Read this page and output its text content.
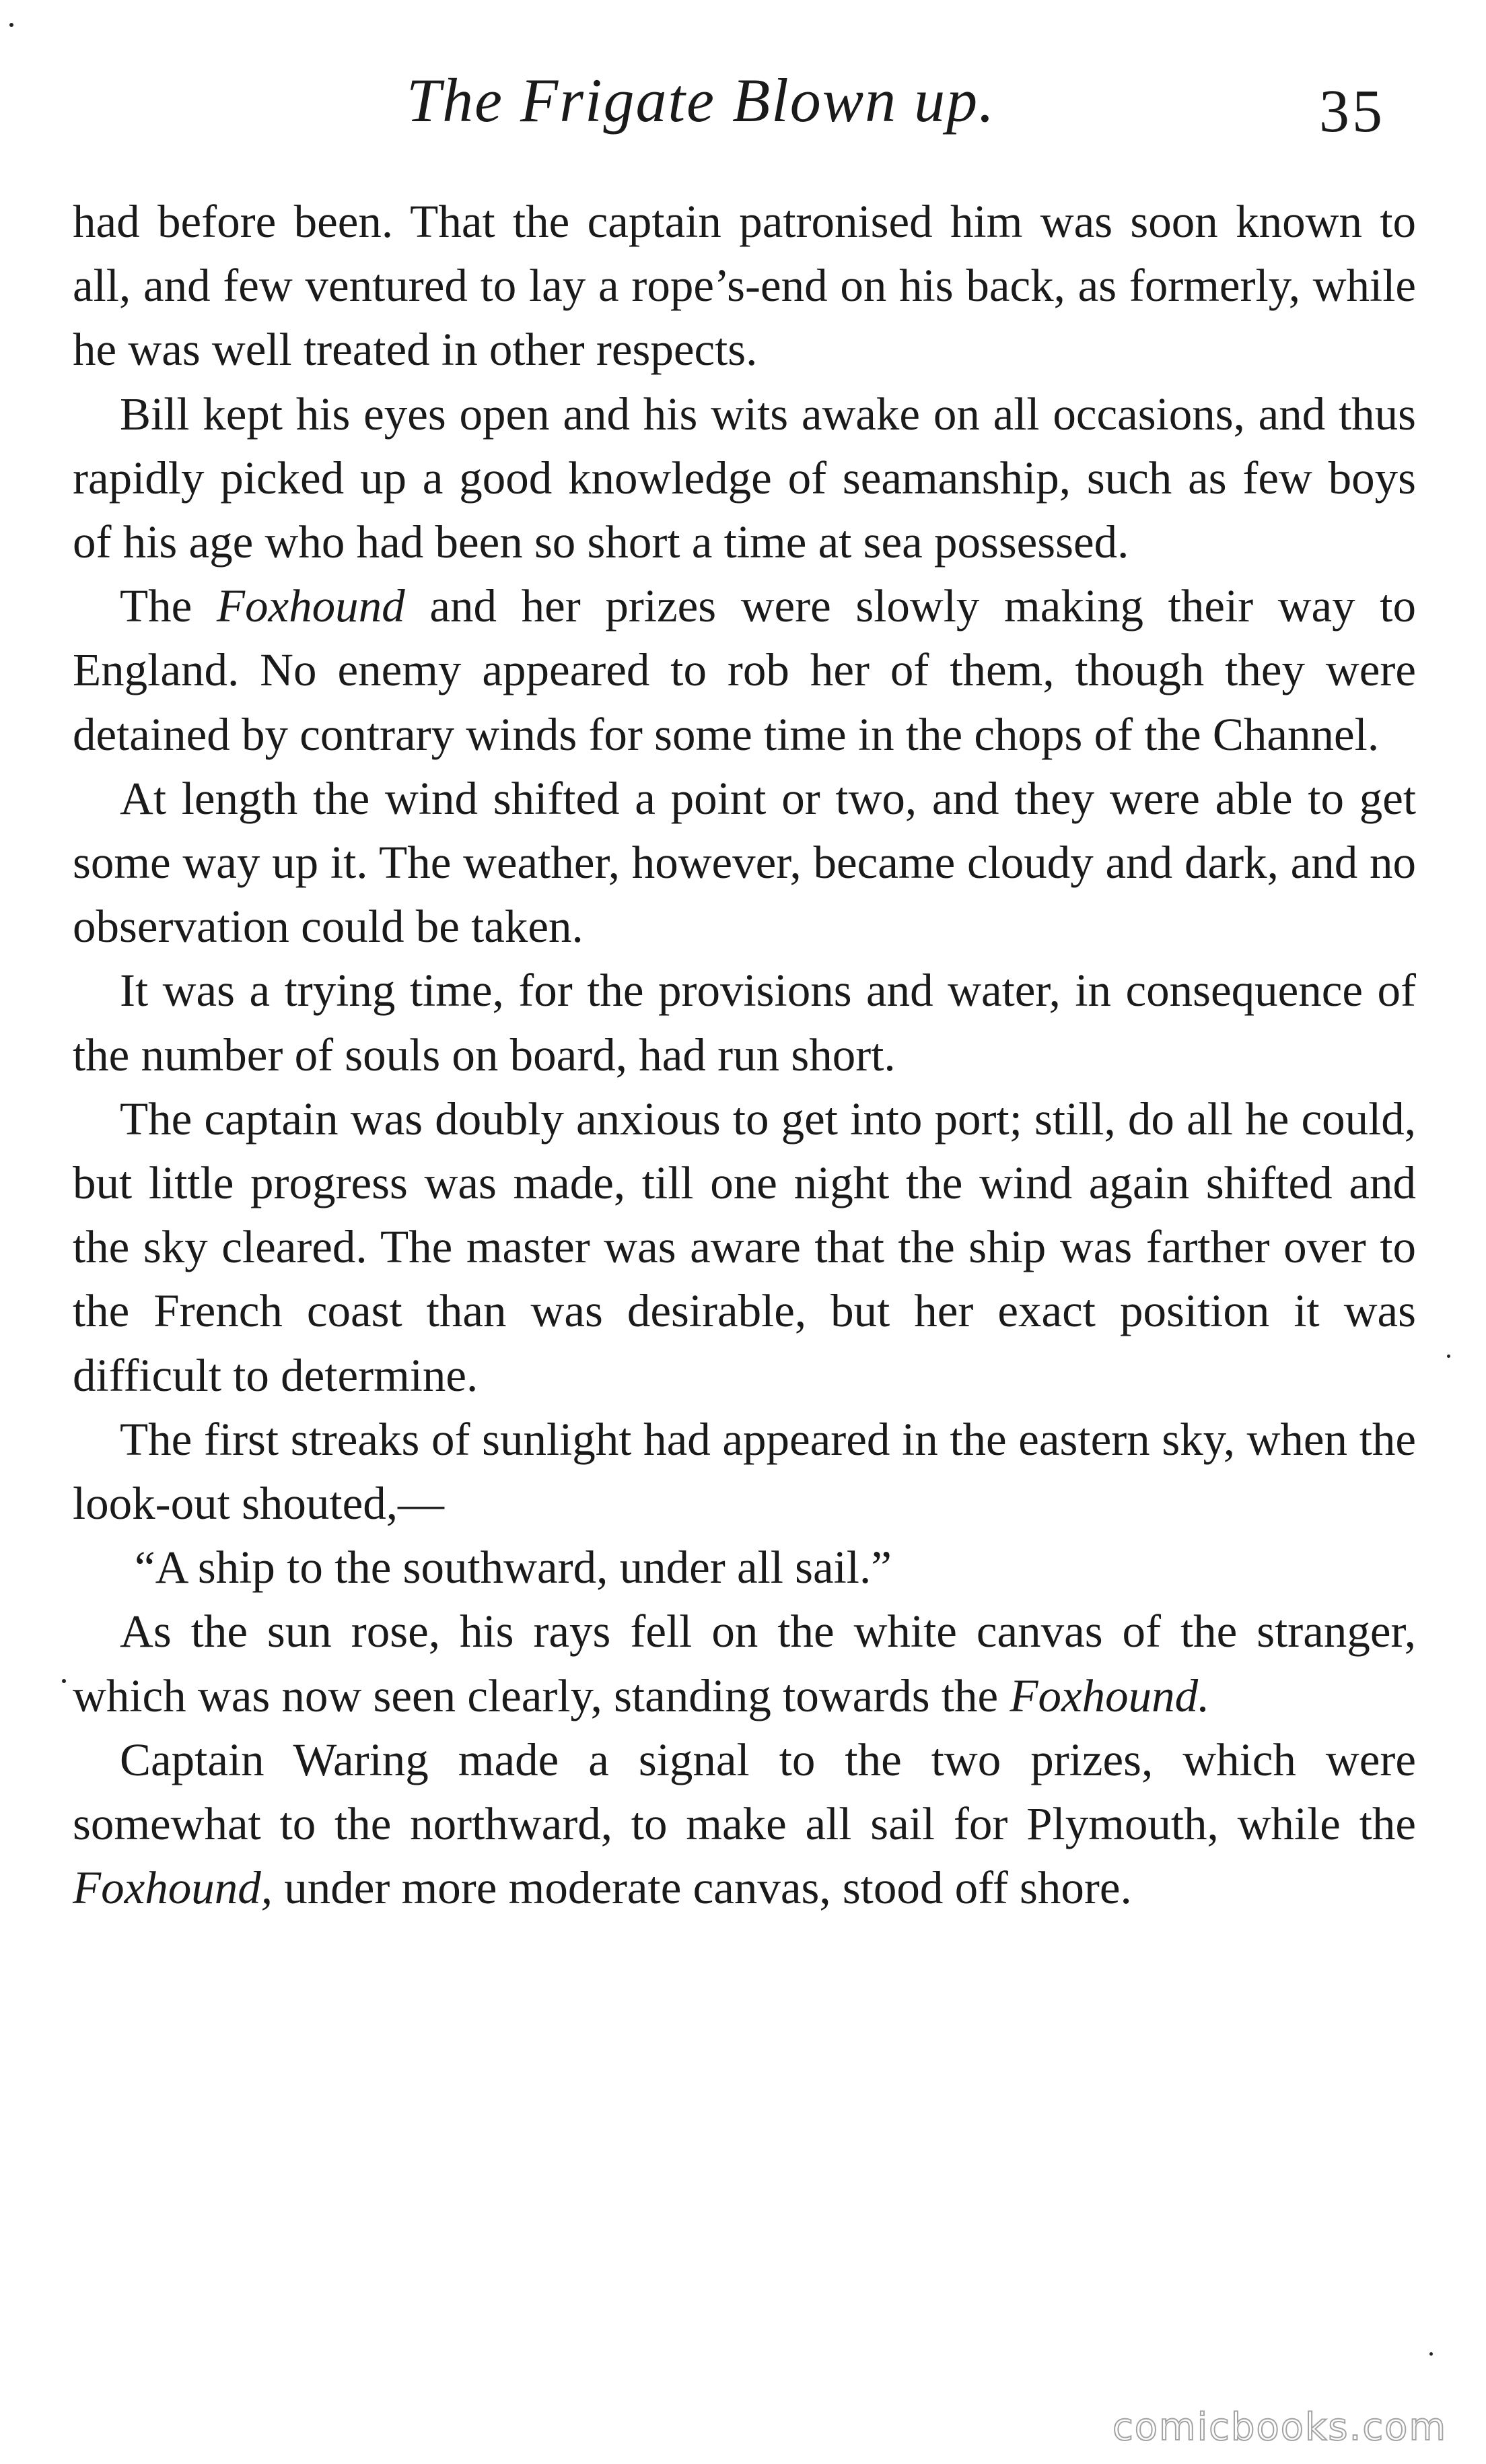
The Frigate Blown up.	35

had before been. That the captain patronised him was soon known to all, and few ventured to lay a rope’s-end on his back, as formerly, while he was well treated in other respects.

Bill kept his eyes open and his wits awake on all occasions, and thus rapidly picked up a good knowledge of seamanship, such as few boys of his age who had been so short a time at sea possessed.

The Foxhound and her prizes were slowly making their way to England. No enemy appeared to rob her of them, though they were detained by contrary winds for some time in the chops of the Channel.

At length the wind shifted a point or two, and they were able to get some way up it. The weather, however, became cloudy and dark, and no observation could be taken.

It was a trying time, for the provisions and water, in consequence of the number of souls on board, had run short.

The captain was doubly anxious to get into port; still, do all he could, but little progress was made, till one night the wind again shifted and the sky cleared. The master was aware that the ship was farther over to the French coast than was desirable, but her exact position it was difficult to determine.

The first streaks of sunlight had appeared in the eastern sky, when the look-out shouted,—

“A ship to the southward, under all sail.”

As the sun rose, his rays fell on the white canvas of the stranger, which was now seen clearly, standing towards the Foxhound.

Captain Waring made a signal to the two prizes, which were somewhat to the northward, to make all sail for Plymouth, while the Foxhound, under more moderate canvas, stood off shore.

comicbooks.com
